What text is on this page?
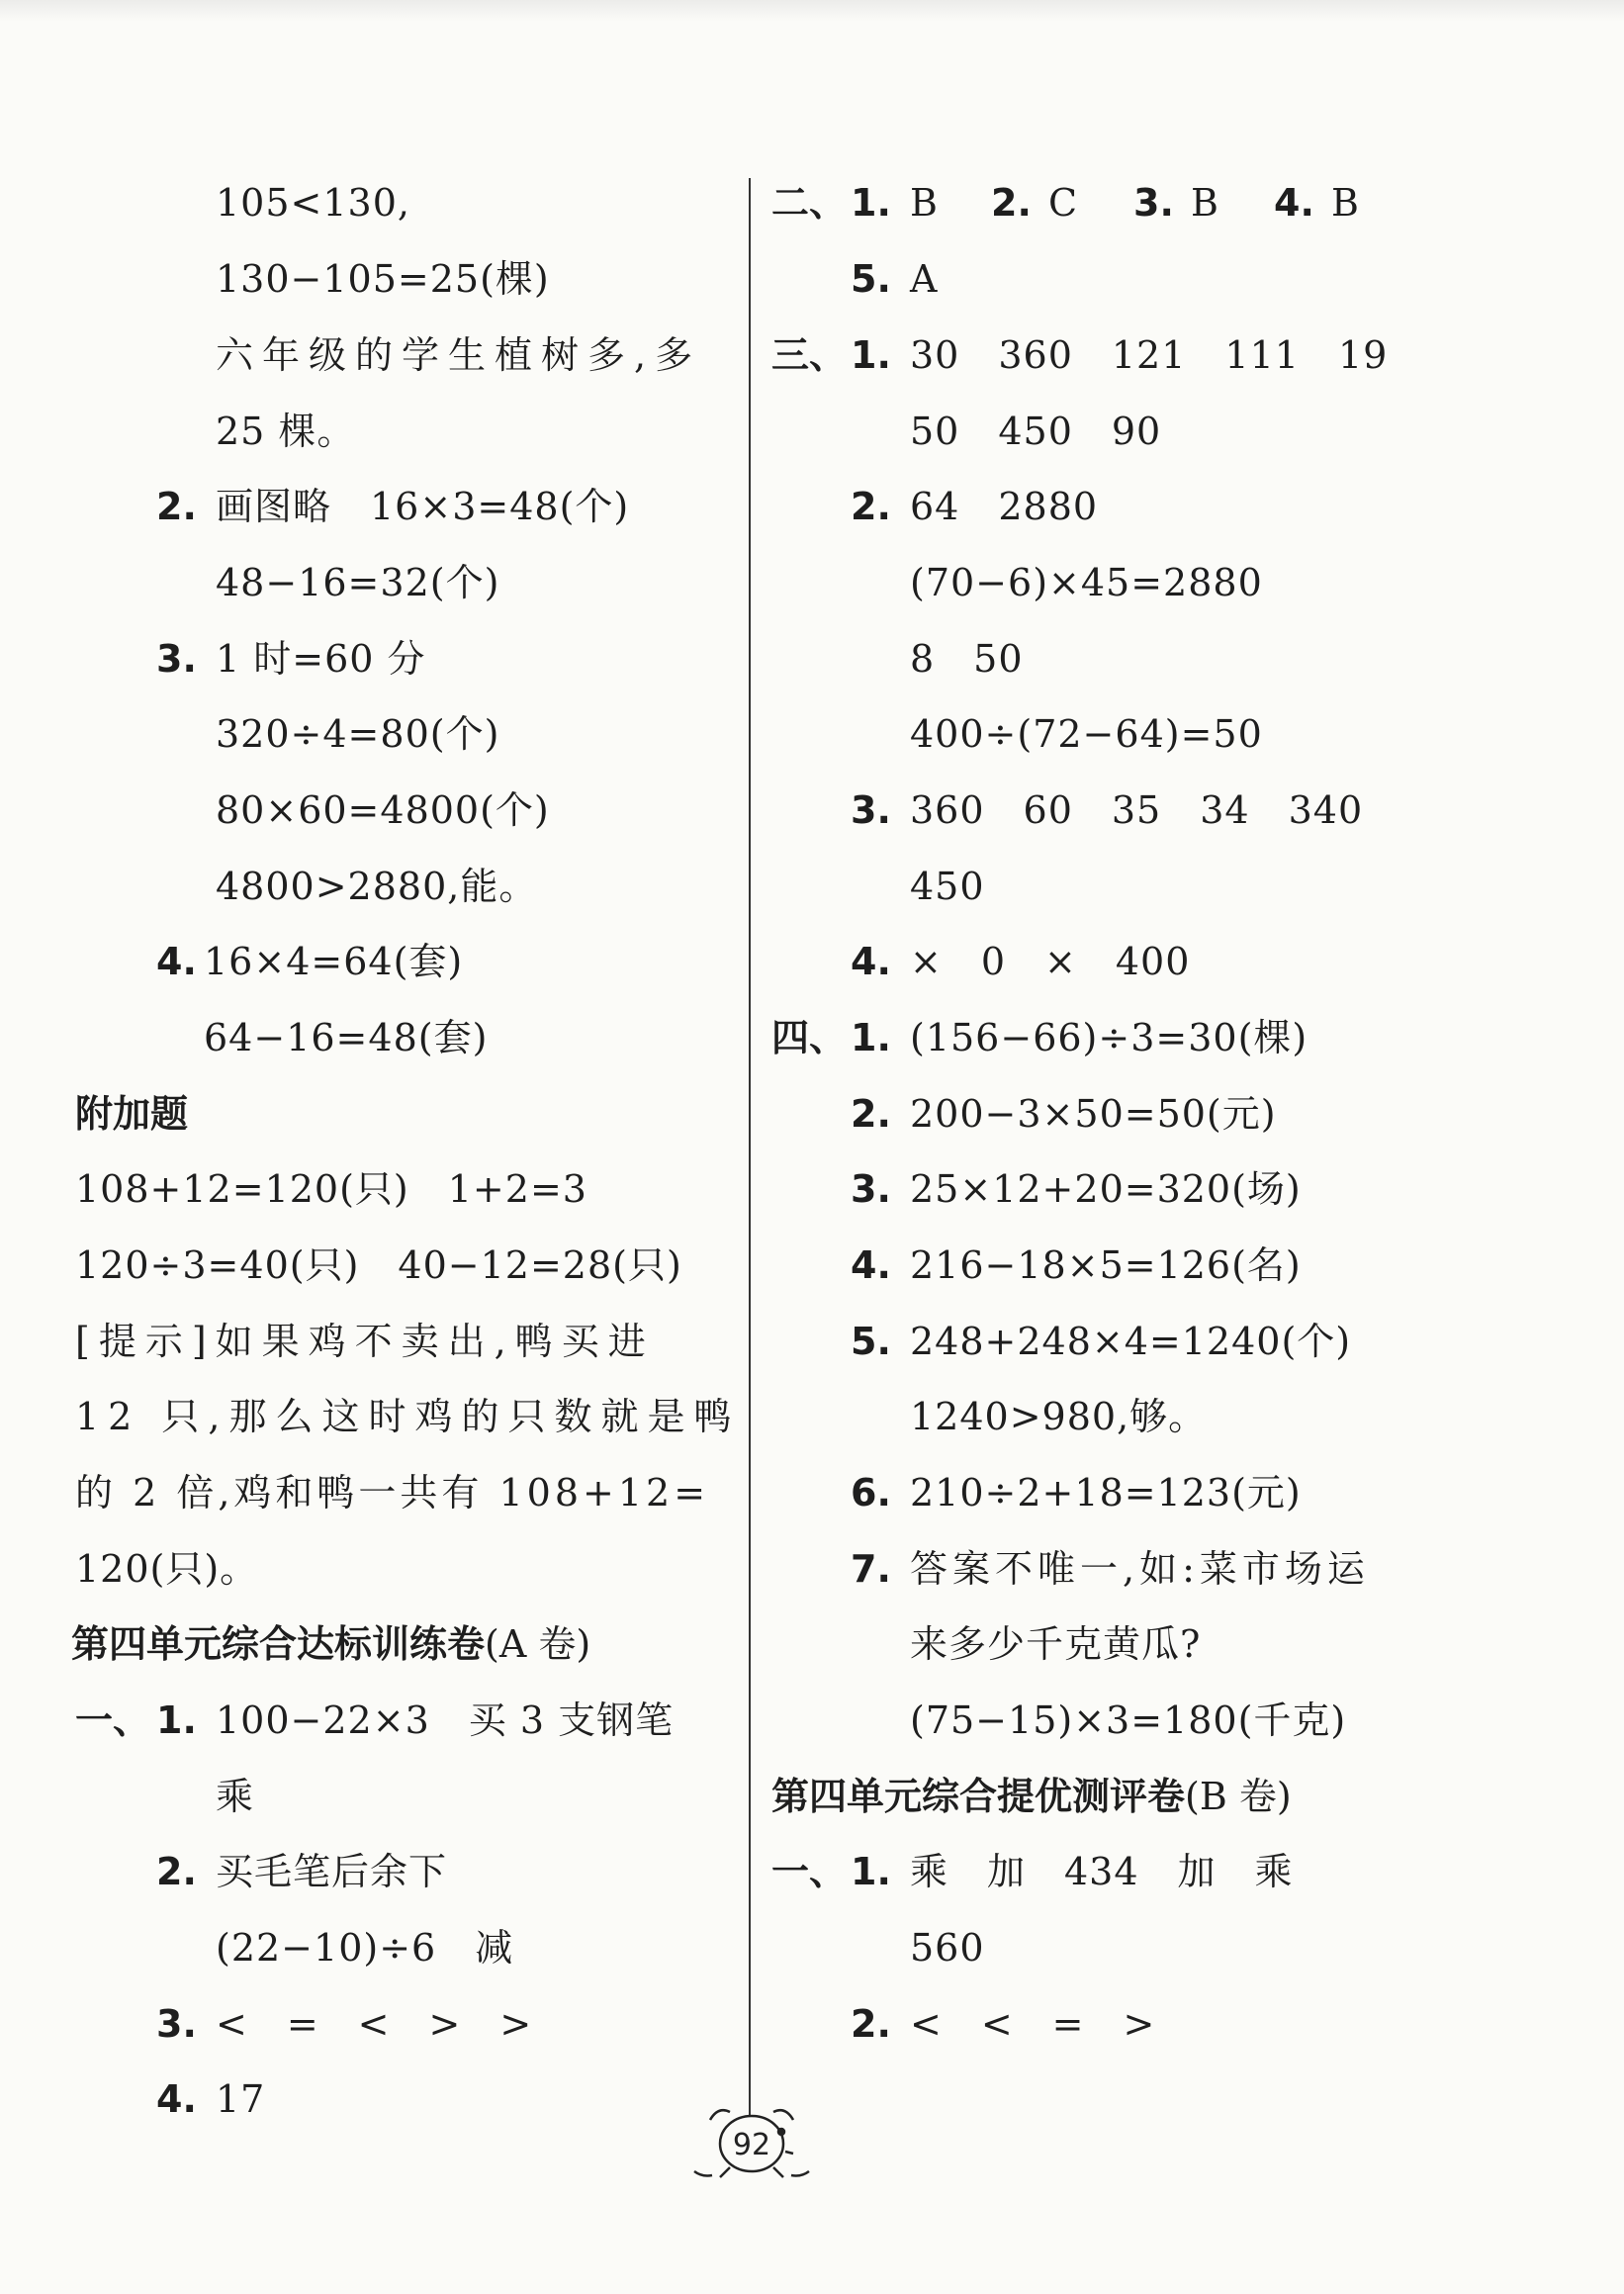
105<130,
130−105=25(棵)
六年级的学生植树多,多
25 棵。
2. 画图略　16×3=48(个)
48−16=32(个)
3. 1 时=60 分
320÷4=80(个)
80×60=4800(个)
4800>2880,能。
4. 16×4=64(套)
64−16=48(套)
附加题
108+12=120(只)　1+2=3
120÷3=40(只)　40−12=28(只)
[提示]如果鸡不卖出,鸭买进
12 只,那么这时鸡的只数就是鸭
的 2 倍,鸡和鸭一共有 108+12=
120(只)。
第四单元综合达标训练卷(A 卷)
一、 1. 100−22×3　买 3 支钢笔
乘
2. 买毛笔后余下
(22−10)÷6　减
3. <　=　<　>　>
4. 17
二、 1. B 2. C 3. B 4. B
5. A
三、 1. 30　360　121　111　19
50　450　90
2. 64　2880
(70−6)×45=2880
8　50
400÷(72−64)=50
3. 360　60　35　34　340
450
4. ×　0　×　400
四、 1. (156−66)÷3=30(棵)
2. 200−3×50=50(元)
3. 25×12+20=320(场)
4. 216−18×5=126(名)
5. 248+248×4=1240(个)
1240>980,够。
6. 210÷2+18=123(元)
7. 答案不唯一,如:菜市场运
来多少千克黄瓜?
(75−15)×3=180(千克)
第四单元综合提优测评卷(B 卷)
一、 1. 乘　加　434　加　乘
560
2. <　<　=　>
92
